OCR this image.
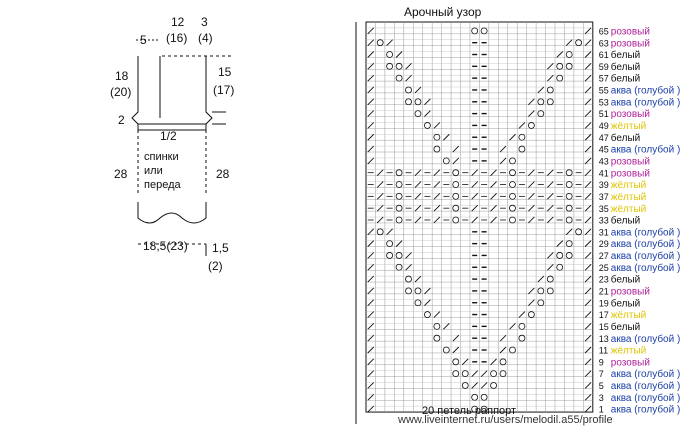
5
12
(16)
3
(4)
18
(20)
15
(17)
2
1/2
спинки
или
переда
28	28
18,5(23) 1,5
(2)
Арочный узор
65 розовый
63 розовый
61 белый
59 белый
57 белый
55 аква (голубой )
53 аква (голубой )
51 розовый
49 жёлтый
47 белый
45 аква (голубой )
43 розовый
41 розовый
39 жёлтый
37 жёлтый
35 жёлтый
33 белый
31 аква (голубой )
29 аква (голубой )
27 аква (голубой )
25 аква (голубой )
23 белый
21 розовый
19 белый
17 жёлтый
15 белый
13 аква (голубой )
11 жёлтый
9 розовый
7 аква (голубой )
5 аква (голубой )
3 аква (голубой )
1 аква (голубой )
20 петель раппорт
www.liveinternet.ru/users/melodil.a55/profile
